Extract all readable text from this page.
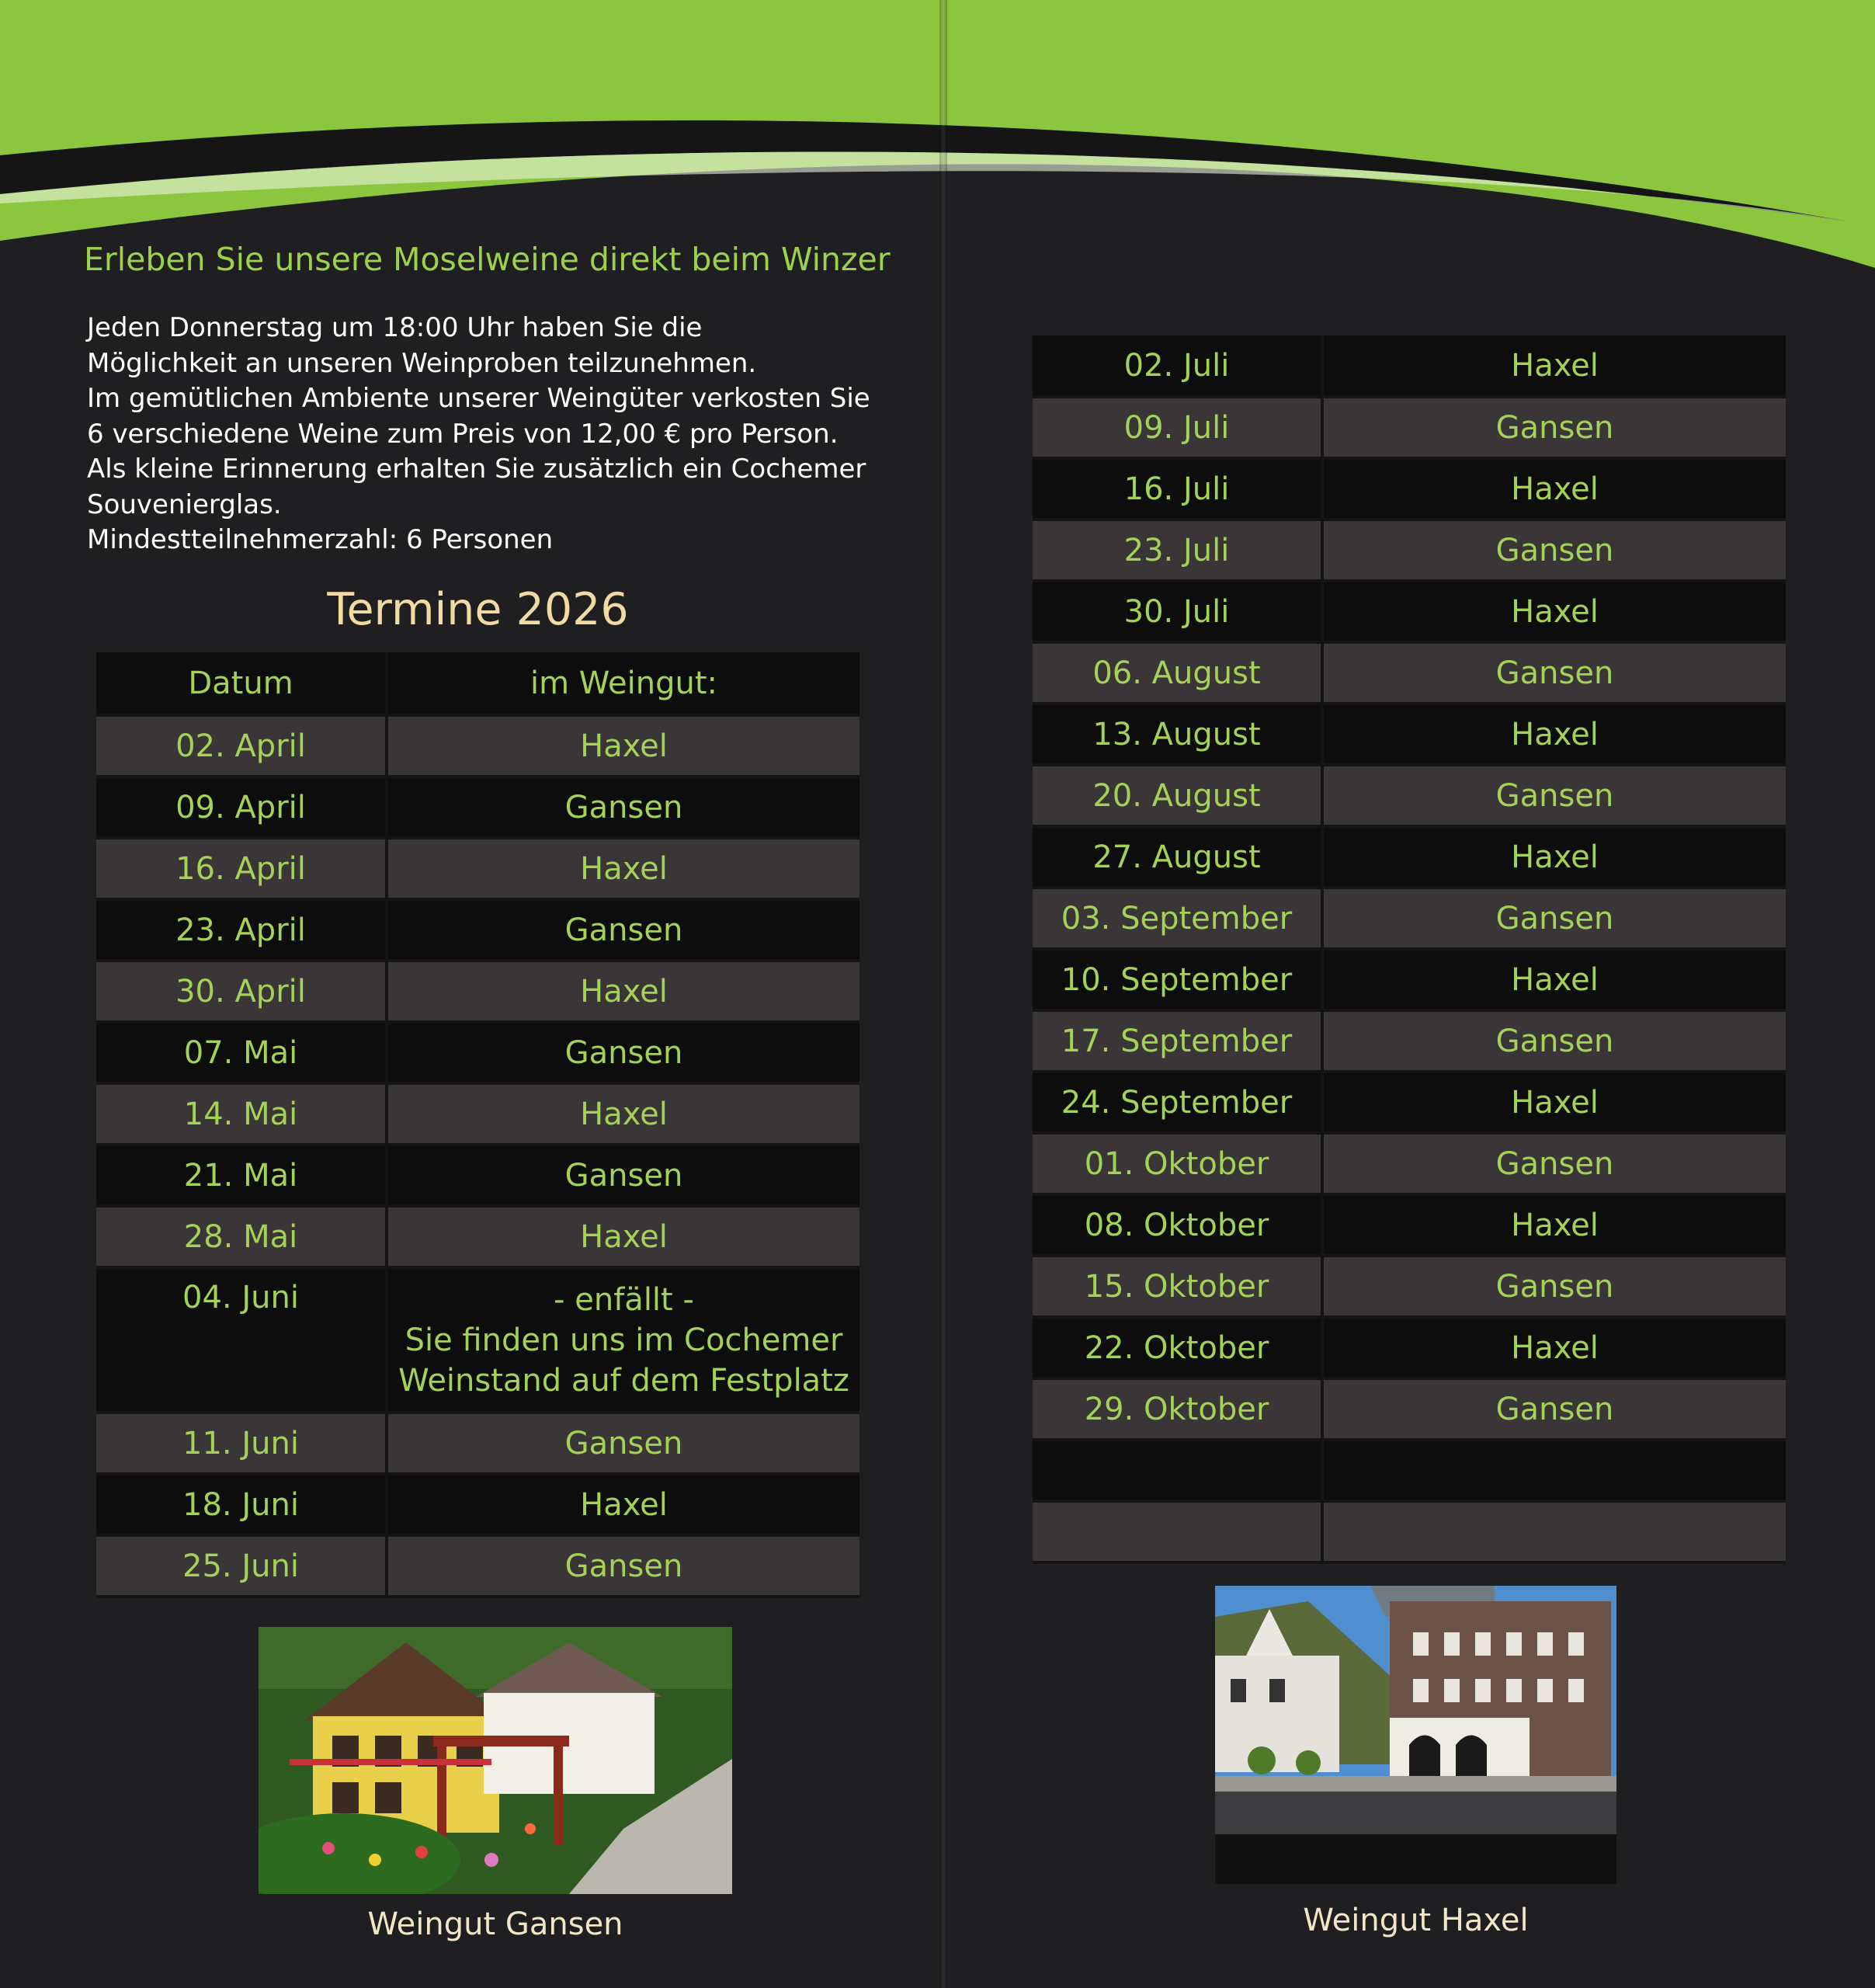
Erleben Sie unsere Moselweine direkt beim Winzer
Jeden Donnerstag um 18:00 Uhr haben Sie die
Möglichkeit an unseren Weinproben teilzunehmen.
Im gemütlichen Ambiente unserer Weingüter verkosten Sie
6 verschiedene Weine zum Preis von 12,00 € pro Person.
Als kleine Erinnerung erhalten Sie zusätzlich ein Cochemer
Souvenierglas.
Mindestteilnehmerzahl: 6 Personen
Termine 2026
Datum	im Weingut:
02. April	Haxel
09. April	Gansen
16. April	Haxel
23. April	Gansen
30. April	Haxel
07. Mai	Gansen
14. Mai	Haxel
21. Mai	Gansen
28. Mai	Haxel
04. Juni	- enfällt -
Sie finden uns im Cochemer
Weinstand auf dem Festplatz

11. Juni	Gansen
18. Juni	Haxel
25. Juni	Gansen
02. Juli	Haxel
09. Juli	Gansen
16. Juli	Haxel
23. Juli	Gansen
30. Juli	Haxel
06. August	Gansen
13. August	Haxel
20. August	Gansen
27. August	Haxel
03. September	Gansen
10. September	Haxel
17. September	Gansen
24. September	Haxel
01. Oktober	Gansen
08. Oktober	Haxel
15. Oktober	Gansen
22. Oktober	Haxel
29. Oktober	Gansen

Weingut Gansen	Weingut Haxel
